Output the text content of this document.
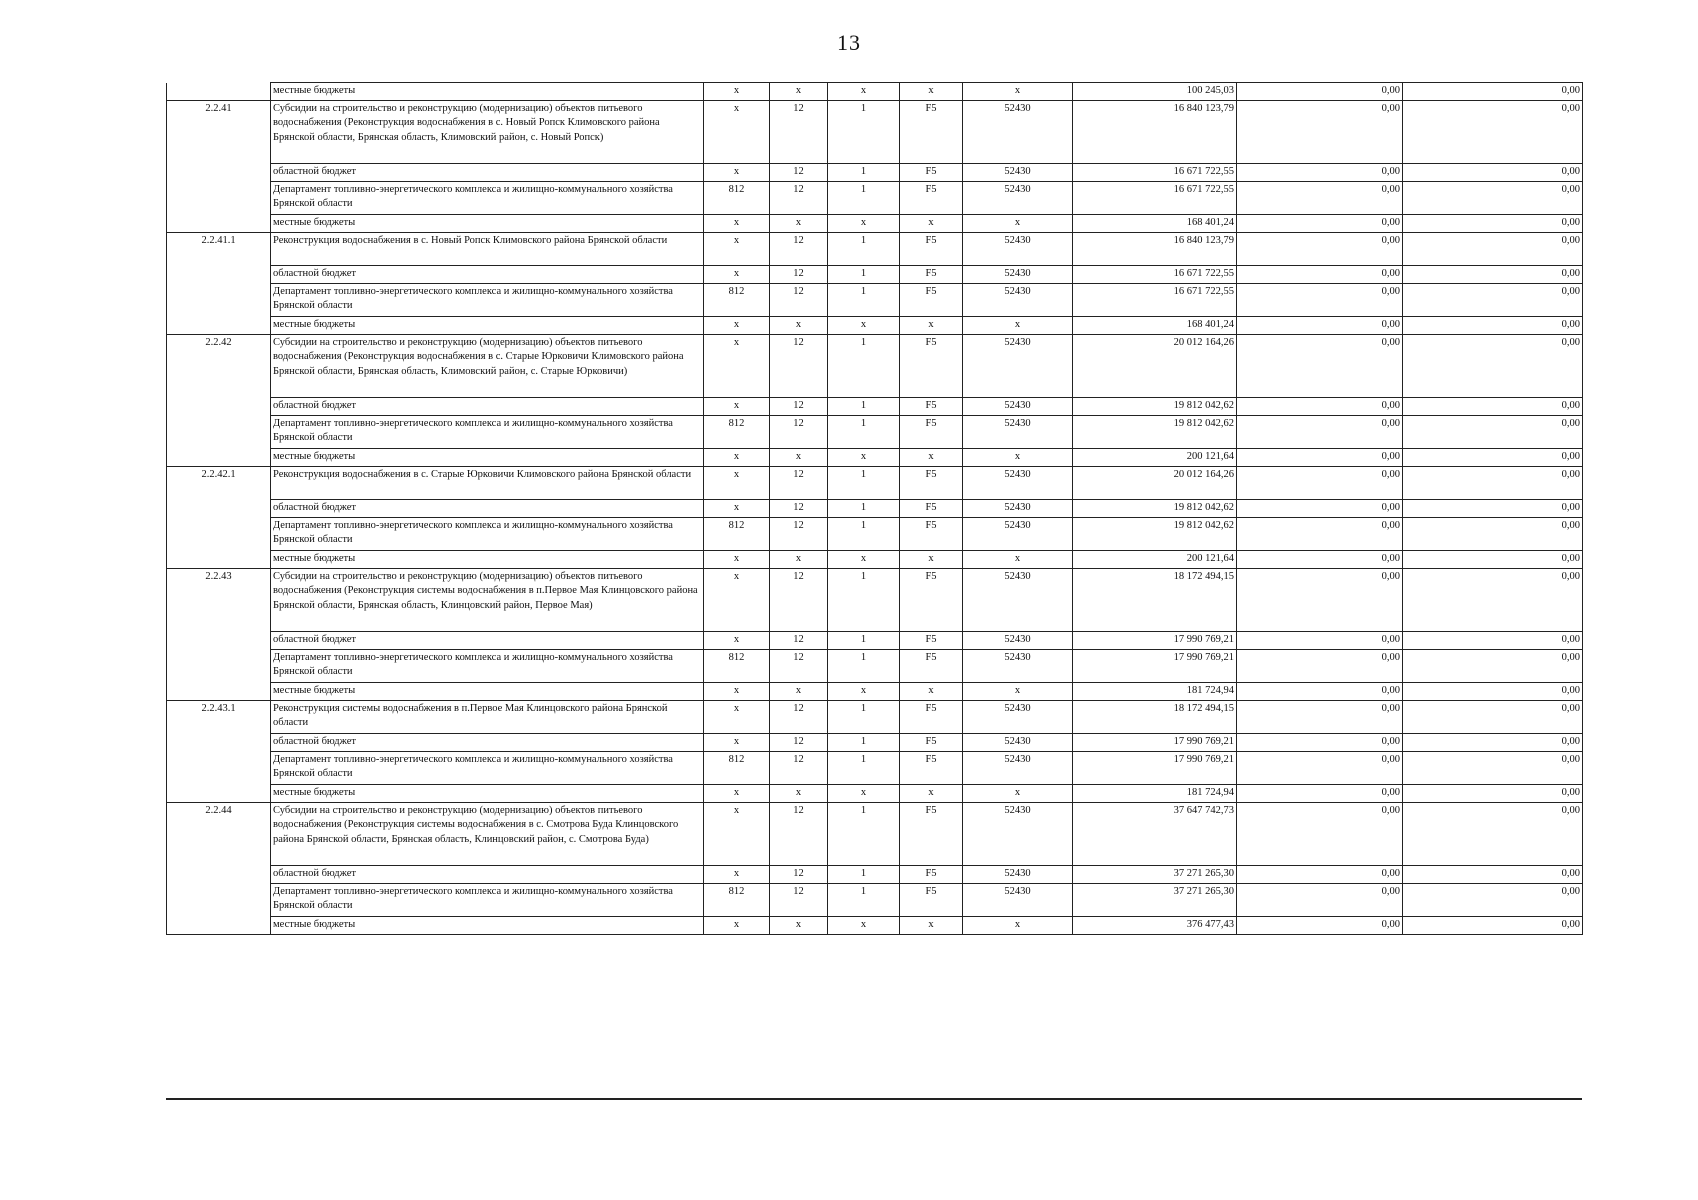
13
	местные бюджеты	х	х	х	х	х	100 245,03	0,00	0,00
2.2.41	Субсидии на строительство и реконструкцию (модернизацию) объектов питьевого водоснабжения (Реконструкция водоснабжения в с. Новый Ропск Климовского района Брянской области, Брянская область, Климовский район, с. Новый Ропск)	х	12	1	F5	52430	16 840 123,79	0,00	0,00
	областной бюджет	х	12	1	F5	52430	16 671 722,55	0,00	0,00
	Департамент топливно-энергетического комплекса и жилищно-коммунального хозяйства Брянской области	812	12	1	F5	52430	16 671 722,55	0,00	0,00
	местные бюджеты	х	х	х	х	х	168 401,24	0,00	0,00
2.2.41.1	Реконструкция водоснабжения в с. Новый Ропск Климовского района Брянской области	х	12	1	F5	52430	16 840 123,79	0,00	0,00
	областной бюджет	х	12	1	F5	52430	16 671 722,55	0,00	0,00
	Департамент топливно-энергетического комплекса и жилищно-коммунального хозяйства Брянской области	812	12	1	F5	52430	16 671 722,55	0,00	0,00
	местные бюджеты	х	х	х	х	х	168 401,24	0,00	0,00
2.2.42	Субсидии на строительство и реконструкцию (модернизацию) объектов питьевого водоснабжения (Реконструкция водоснабжения в с. Старые Юрковичи Климовского района Брянской области, Брянская область, Климовский район, с. Старые Юрковичи)	х	12	1	F5	52430	20 012 164,26	0,00	0,00
	областной бюджет	х	12	1	F5	52430	19 812 042,62	0,00	0,00
	Департамент топливно-энергетического комплекса и жилищно-коммунального хозяйства Брянской области	812	12	1	F5	52430	19 812 042,62	0,00	0,00
	местные бюджеты	х	х	х	х	х	200 121,64	0,00	0,00
2.2.42.1	Реконструкция водоснабжения в с. Старые Юрковичи Климовского района Брянской области	х	12	1	F5	52430	20 012 164,26	0,00	0,00
	областной бюджет	х	12	1	F5	52430	19 812 042,62	0,00	0,00
	Департамент топливно-энергетического комплекса и жилищно-коммунального хозяйства Брянской области	812	12	1	F5	52430	19 812 042,62	0,00	0,00
	местные бюджеты	х	х	х	х	х	200 121,64	0,00	0,00
2.2.43	Субсидии на строительство и реконструкцию (модернизацию) объектов питьевого водоснабжения (Реконструкция системы водоснабжения в п.Первое Мая Клинцовского района Брянской области, Брянская область, Клинцовский район, Первое Мая)	х	12	1	F5	52430	18 172 494,15	0,00	0,00
	областной бюджет	х	12	1	F5	52430	17 990 769,21	0,00	0,00
	Департамент топливно-энергетического комплекса и жилищно-коммунального хозяйства Брянской области	812	12	1	F5	52430	17 990 769,21	0,00	0,00
	местные бюджеты	х	х	х	х	х	181 724,94	0,00	0,00
2.2.43.1	Реконструкция системы водоснабжения в п.Первое Мая Клинцовского района Брянской области	х	12	1	F5	52430	18 172 494,15	0,00	0,00
	областной бюджет	х	12	1	F5	52430	17 990 769,21	0,00	0,00
	Департамент топливно-энергетического комплекса и жилищно-коммунального хозяйства Брянской области	812	12	1	F5	52430	17 990 769,21	0,00	0,00
	местные бюджеты	х	х	х	х	х	181 724,94	0,00	0,00
2.2.44	Субсидии на строительство и реконструкцию (модернизацию) объектов питьевого водоснабжения (Реконструкция системы водоснабжения в с. Смотрова Буда Клинцовского района Брянской области, Брянская область, Клинцовский район, с. Смотрова Буда)	х	12	1	F5	52430	37 647 742,73	0,00	0,00
	областной бюджет	х	12	1	F5	52430	37 271 265,30	0,00	0,00
	Департамент топливно-энергетического комплекса и жилищно-коммунального хозяйства Брянской области	812	12	1	F5	52430	37 271 265,30	0,00	0,00
	местные бюджеты	х	х	х	х	х	376 477,43	0,00	0,00
